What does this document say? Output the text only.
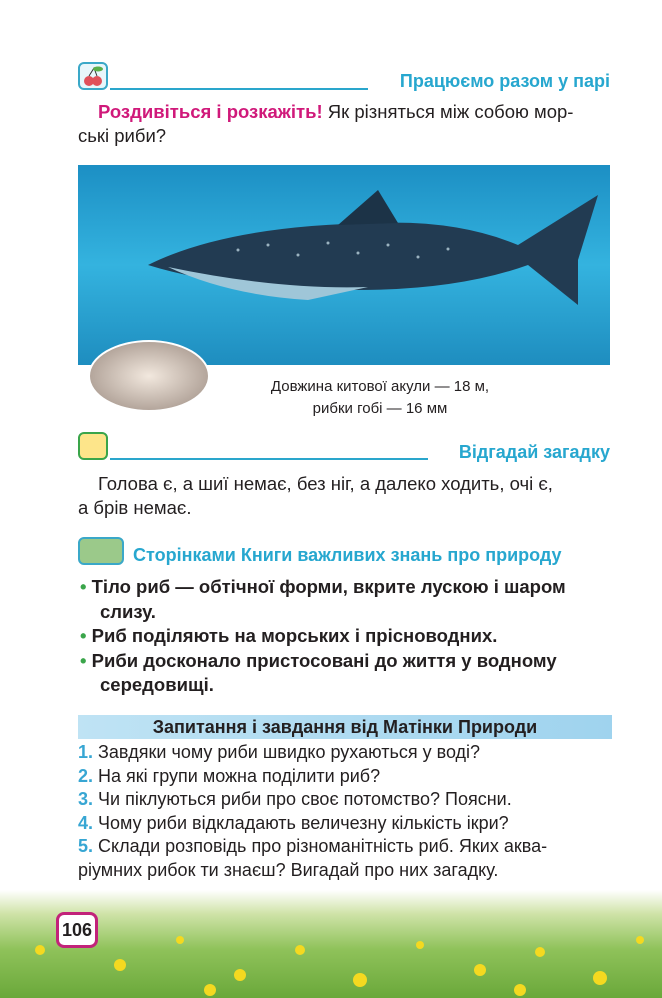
Працюємо разом у парі
Роздивіться і розкажіть! Як різняться між собою мор-
ські риби?
Довжина китової акули — 18 м,
рибки гобі — 16 мм
Відгадай загадку
Голова є, а шиї немає, без ніг, а далеко ходить, очі є,
а брів немає.
Сторінками Книги важливих знань про природу
• Тіло риб — обтічної форми, вкрите лускою і шаром
слизу.
• Риб поділяють на морських і прісноводних.
• Риби досконало пристосовані до життя у водному
середовищі.
Запитання і завдання від Матінки Природи
1. Завдяки чому риби швидко рухаються у воді?
2. На які групи можна поділити риб?
3. Чи піклуються риби про своє потомство? Поясни.
4. Чому риби відкладають величезну кількість ікри?
5. Склади розповідь про різноманітність риб. Яких аква-
ріумних рибок ти знаєш? Вигадай про них загадку.
106
